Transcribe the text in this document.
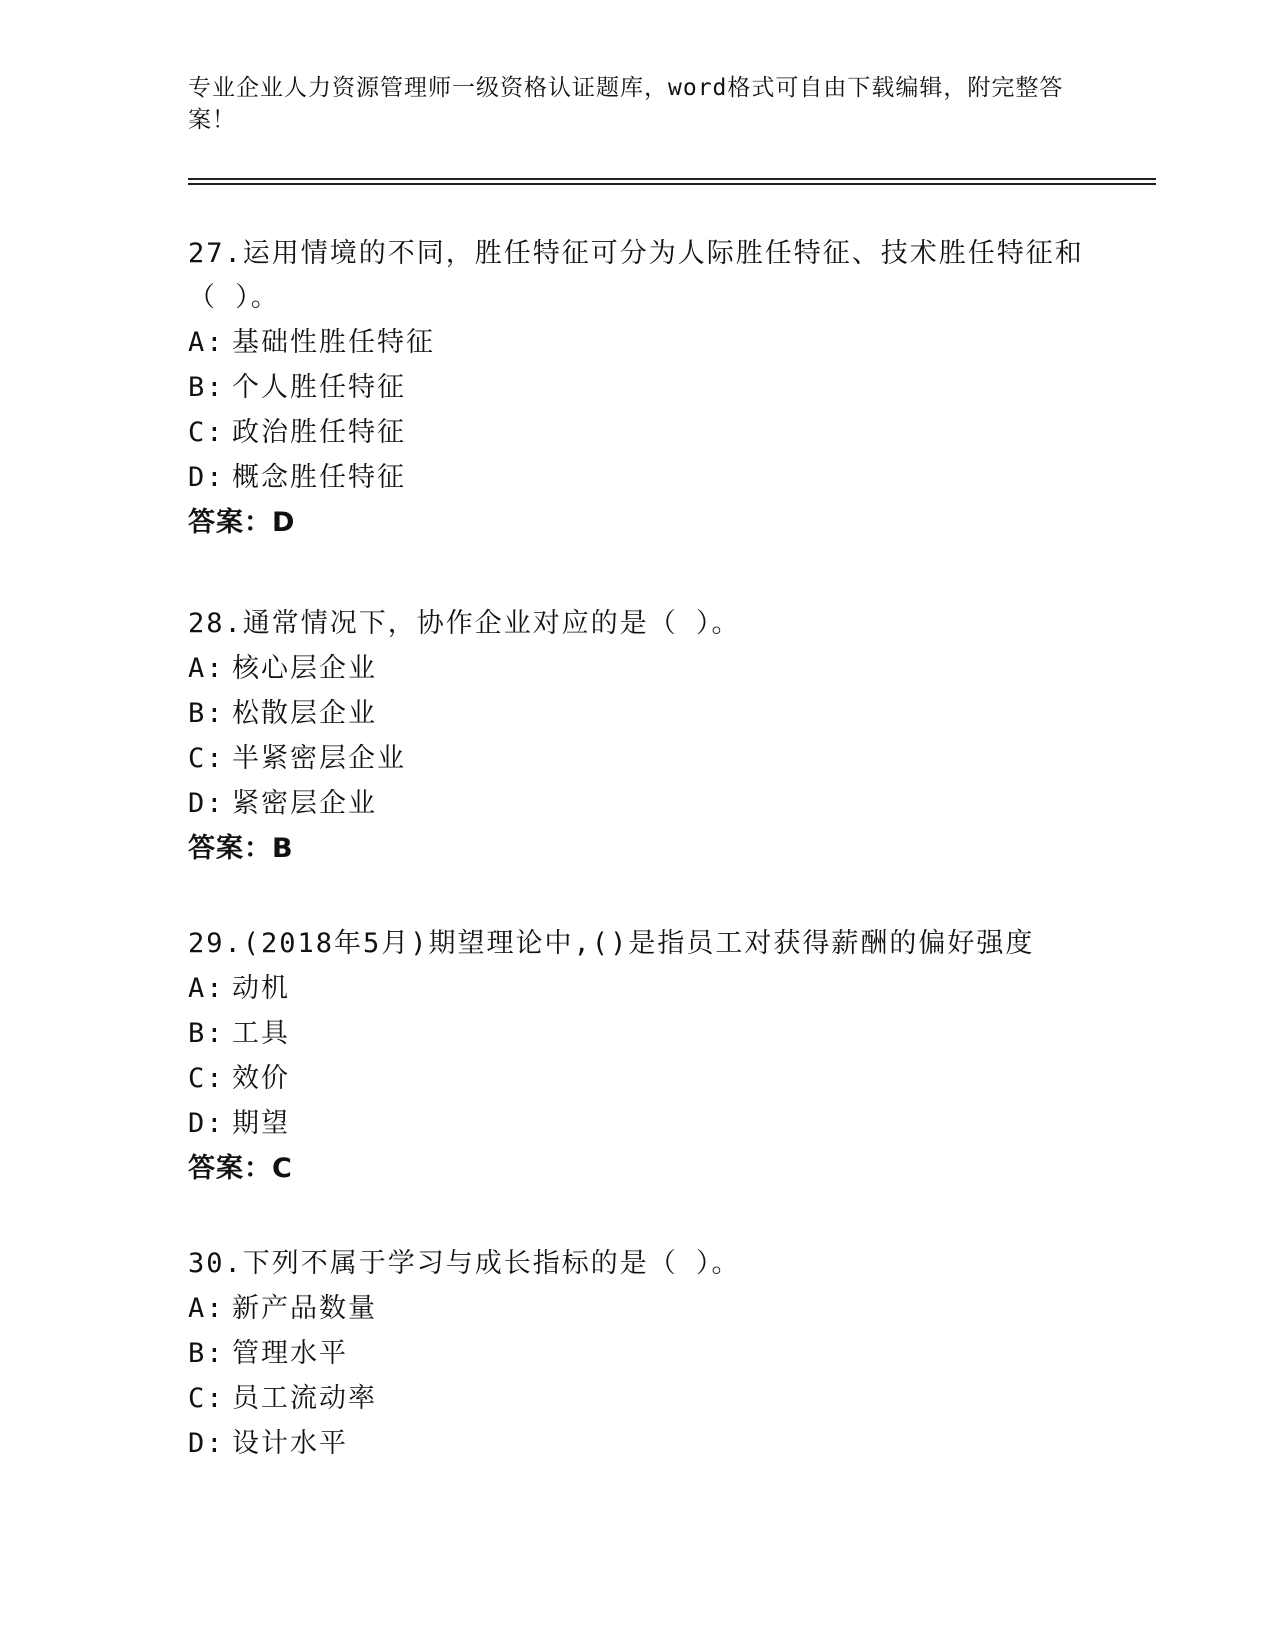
专业企业人力资源管理师一级资格认证题库，word格式可自由下载编辑，附完整答案！
27.运用情境的不同，胜任特征可分为人际胜任特征、技术胜任特征和（ ）。
A: 基础性胜任特征
B: 个人胜任特征
C: 政治胜任特征
D: 概念胜任特征
答案：D
28.通常情况下，协作企业对应的是（ ）。
A: 核心层企业
B: 松散层企业
C: 半紧密层企业
D: 紧密层企业
答案：B
29.(2018年5月)期望理论中,()是指员工对获得薪酬的偏好强度
A: 动机
B: 工具
C: 效价
D: 期望
答案：C
30.下列不属于学习与成长指标的是（ ）。
A: 新产品数量
B: 管理水平
C: 员工流动率
D: 设计水平
